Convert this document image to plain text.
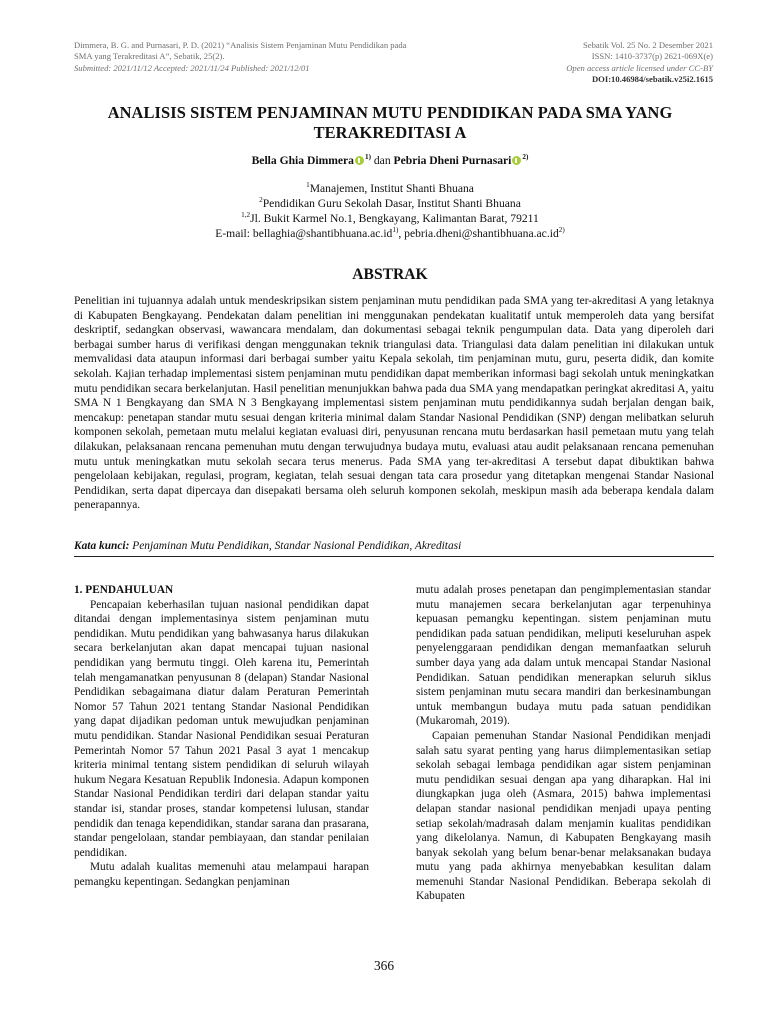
Dimmera, B. G. and Purnasari, P. D. (2021) “Analisis Sistem Penjaminan Mutu Pendidikan pada
SMA yang Terakreditasi A”, Sebatik, 25(2).
Submitted: 2021/11/12 Accepted: 2021/11/24 Published: 2021/12/01
Sebatik Vol. 25 No. 2 Desember 2021
ISSN: 1410-3737(p) 2621-069X(e)
Open access article licensed under CC-BY
DOI:10.46984/sebatik.v25i2.1615
ANALISIS SISTEM PENJAMINAN MUTU PENDIDIKAN PADA SMA YANG
TERAKREDITASI A
Bella Ghia Dimmera $^{1)}$ dan Pebria Dheni Purnasari $^{2)}$
$^1$Manajemen, Institut Shanti Bhuana
$^2$Pendidikan Guru Sekolah Dasar, Institut Shanti Bhuana
$^{1,2}$Jl. Bukit Karmel No.1, Bengkayang, Kalimantan Barat, 79211
E-mail: $bellaghia@shantibhuana.ac.id^{1)}$, $pebria.dheni@shantibhuana.ac.id^{2)}$
ABSTRAK
Penelitian ini tujuannya adalah untuk mendeskripsikan sistem penjaminan mutu pendidikan pada SMA yang ter-akreditasi A yang letaknya di Kabupaten Bengkayang. Pendekatan dalam penelitian ini menggunakan pendekatan kualitatif untuk memperoleh data yang bersifat deskriptif, sedangkan observasi, wawancara mendalam, dan dokumentasi sebagai teknik pengumpulan data. Data yang diperoleh dari berbagai sumber harus di verifikasi dengan menggunakan teknik triangulasi data. Triangulasi data dalam penelitian ini dilakukan untuk memvalidasi data ataupun informasi dari berbagai sumber yaitu Kepala sekolah, tim penjaminan mutu, guru, peserta didik, dan komite sekolah. Kajian terhadap implementasi sistem penjaminan mutu pendidikan dapat memberikan informasi bagi sekolah untuk meningkatkan mutu pendidikan secara berkelanjutan. Hasil penelitian menunjukkan bahwa pada dua SMA yang mendapatkan peringkat akreditasi A, yaitu SMA N 1 Bengkayang dan SMA N 3 Bengkayang implementasi sistem penjaminan mutu pendidikannya sudah berjalan dengan baik, mencakup: penetapan standar mutu sesuai dengan kriteria minimal dalam Standar Nasional Pendidikan (SNP) dengan melibatkan seluruh komponen sekolah, pemetaan mutu melalui kegiatan evaluasi diri, penyusunan rencana mutu berdasarkan hasil pemetaan mutu yang telah dilakukan, pelaksanaan rencana pemenuhan mutu dengan terwujudnya budaya mutu, evaluasi atau audit pelaksanaan rencana pemenuhan mutu untuk meningkatkan mutu sekolah secara terus menerus. Pada SMA yang ter-akreditasi A tersebut dapat dibuktikan bahwa pengelolaan kebijakan, regulasi, program, kegiatan, telah sesuai dengan tata cara prosedur yang ditetapkan mengenai Standar Nasional Pendidikan, serta dapat dipercaya dan disepakati bersama oleh seluruh komponen sekolah, meskipun masih ada beberapa kendala dalam penerapannya.
Kata kunci: Penjaminan Mutu Pendidikan, Standar Nasional Pendidikan, Akreditasi

1. PENDAHULUAN

Pencapaian keberhasilan tujuan nasional pendidikan dapat ditandai dengan implementasinya sistem penjaminan mutu pendidikan. Mutu pendidikan yang bahwasanya harus dilakukan secara berkelanjutan akan dapat mencapai tujuan nasional pendidikan yang bermutu tinggi. Oleh karena itu, Pemerintah telah mengamanatkan penyusunan 8 (delapan) Standar Nasional Pendidikan sebagaimana diatur dalam Peraturan Pemerintah Nomor 57 Tahun 2021 tentang Standar Nasional Pendidikan yang dapat dijadikan pedoman untuk mewujudkan penjaminan mutu pendidikan. Standar Nasional Pendidikan sesuai Peraturan Pemerintah Nomor 57 Tahun 2021 Pasal 3 ayat 1 mencakup kriteria minimal tentang sistem pendidikan di seluruh wilayah hukum Negara Kesatuan Republik Indonesia. Adapun komponen Standar Nasional Pendidikan terdiri dari delapan standar yaitu standar isi, standar proses, standar kompetensi lulusan, standar pendidik dan tenaga kependidikan, standar sarana dan prasarana, standar pengelolaan, standar pembiayaan, dan standar penilaian pendidikan.

Mutu adalah kualitas memenuhi atau melampaui harapan pemangku kepentingan. Sedangkan penjaminan

mutu adalah proses penetapan dan pengimplementasian standar mutu manajemen secara berkelanjutan agar terpenuhinya kepuasan pemangku kepentingan. sistem penjaminan mutu pendidikan pada satuan pendidikan, meliputi keseluruhan aspek penyelenggaraan pendidikan dengan memanfaatkan seluruh sumber daya yang ada dalam untuk mencapai Standar Nasional Pendidikan. Satuan pendidikan menerapkan seluruh siklus sistem penjaminan mutu secara mandiri dan berkesinambungan untuk membangun budaya mutu pada satuan pendidikan (Mukaromah, 2019).

Capaian pemenuhan Standar Nasional Pendidikan menjadi salah satu syarat penting yang harus diimplementasikan setiap sekolah sebagai lembaga pendidikan agar sistem penjaminan mutu pendidikan sesuai dengan apa yang diharapkan. Hal ini diungkapkan juga oleh (Asmara, 2015) bahwa implementasi delapan standar nasional pendidikan menjadi upaya penting setiap sekolah/madrasah dalam menjamin kualitas pendidikan yang dikelolanya. Namun, di Kabupaten Bengkayang masih banyak sekolah yang belum benar-benar melaksanakan budaya mutu yang pada akhirnya menyebabkan kesulitan dalam memenuhi Standar Nasional Pendidikan. Beberapa sekolah di Kabupaten

366
